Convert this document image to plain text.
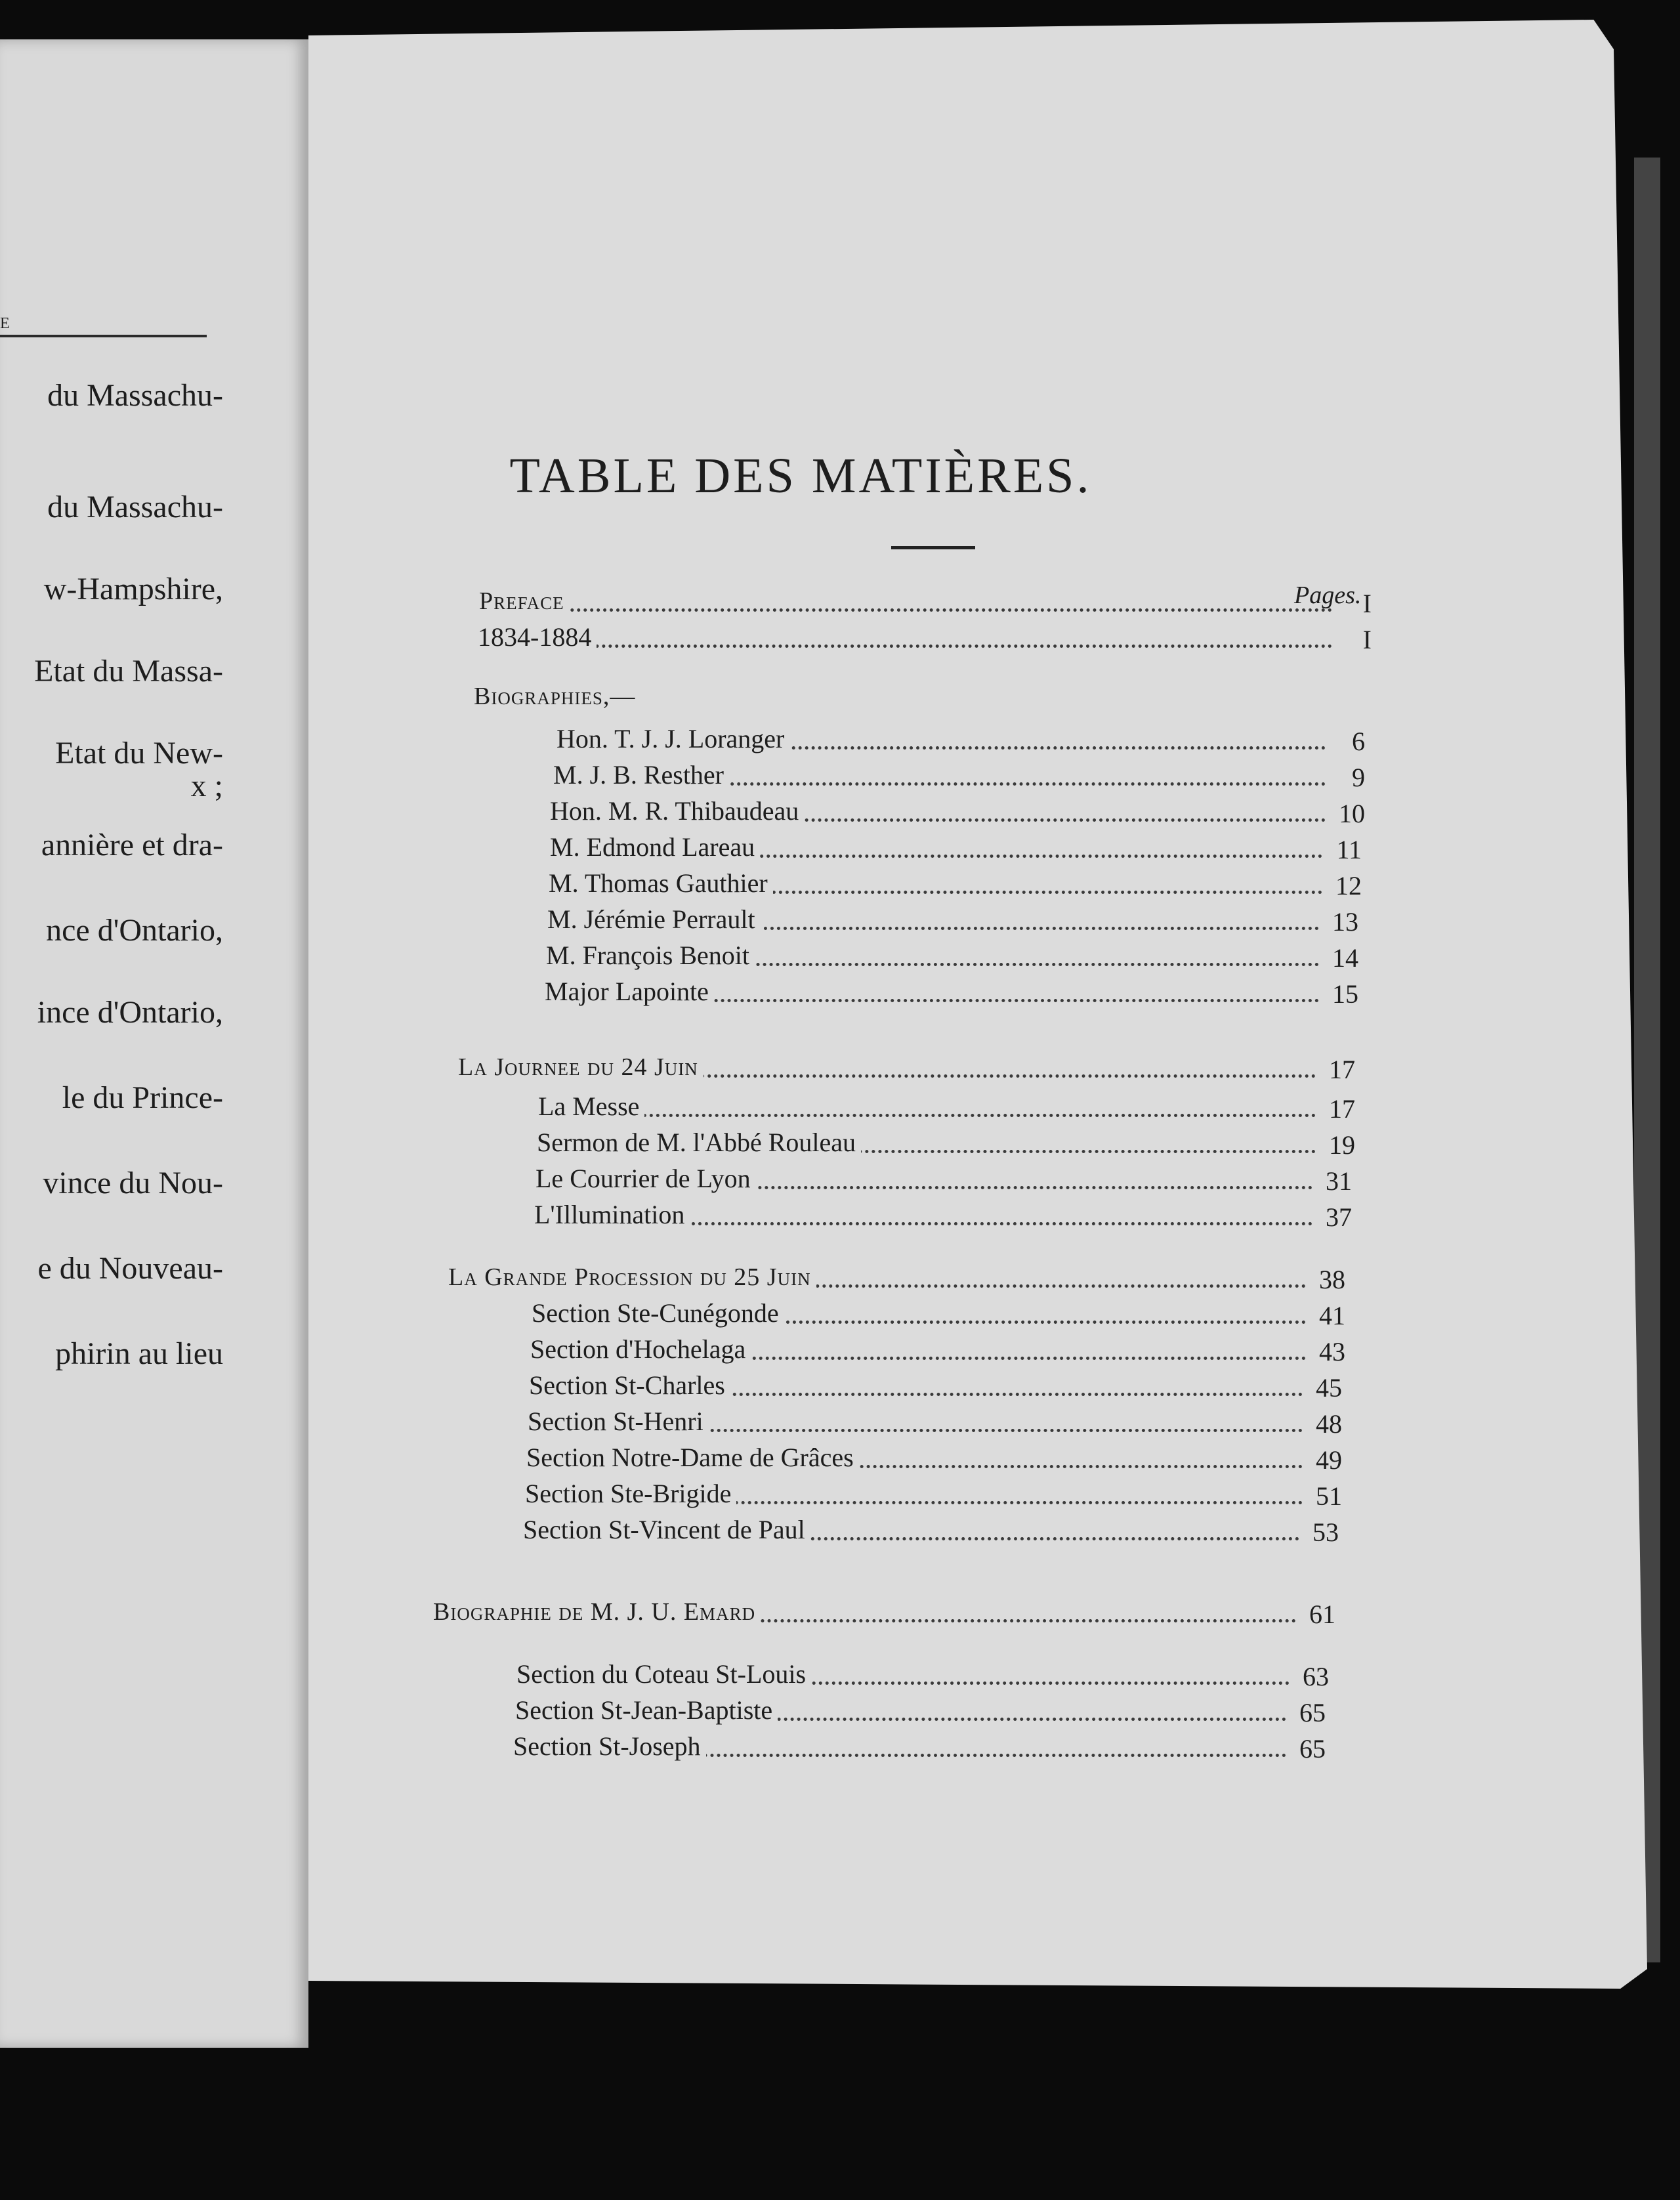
e
du Massachu-
du Massachu-
w-Hampshire,
Etat du Massa-
Etat du New-
x ;
annière et dra-
nce d'Ontario,
ince d'Ontario,
le du Prince-
vince du Nou-
e du Nouveau-
phirin au lieu
TABLE DES MATIÈRES.
Pages.
Preface	I
1834-1884	I
Biographies,—
Hon. T. J. J. Loranger	6
M. J. B. Resther	9
Hon. M. R. Thibaudeau	10
M. Edmond Lareau	11
M. Thomas Gauthier	12
M. Jérémie Perrault	13
M. François Benoit	14
Major Lapointe	15
La Journee du 24 Juin	17
La Messe	17
Sermon de M. l'Abbé Rouleau	19
Le Courrier de Lyon	31
L'Illumination	37
La Grande Procession du 25 Juin	38
Section Ste-Cunégonde	41
Section d'Hochelaga	43
Section St-Charles	45
Section St-Henri	48
Section Notre-Dame de Grâces	49
Section Ste-Brigide	51
Section St-Vincent de Paul	53
Biographie de M. J. U. Emard	61
Section du Coteau St-Louis	63
Section St-Jean-Baptiste	65
Section St-Joseph	65
